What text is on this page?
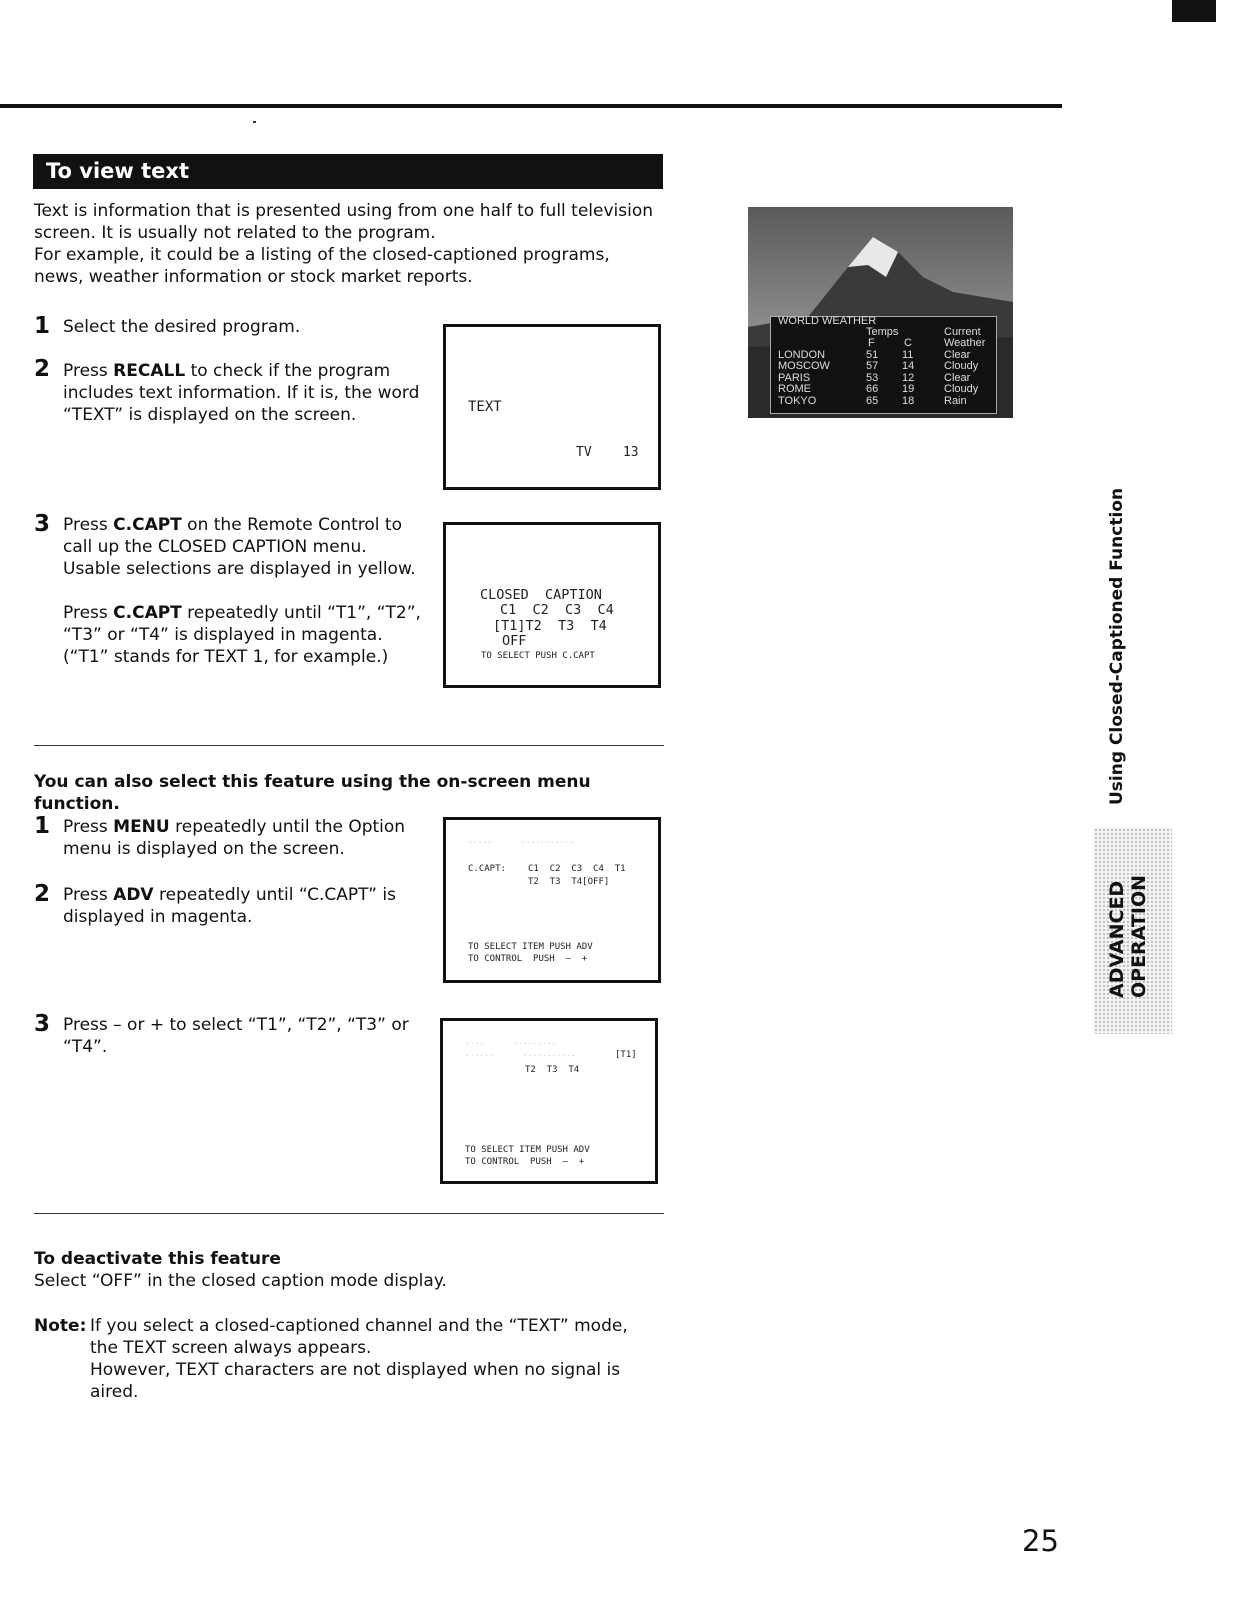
To view text
Text is information that is presented using from one half to full television
screen. It is usually not related to the program.
For example, it could be a listing of the closed-captioned programs,
news, weather information or stock market reports.
1 Select the desired program.
2 Press RECALL to check if the program
includes text information. If it is, the word
“TEXT” is displayed on the screen.	TEXT
TV    13
3 Press C.CAPT on the Remote Control to
call up the CLOSED CAPTION menu.
Usable selections are displayed in yellow.
Press C.CAPT repeatedly until “T1”, “T2”,
“T3” or “T4” is displayed in magenta.
(“T1” stands for TEXT 1, for example.)
CLOSED  CAPTION
C1  C2  C3  C4
[T1]T2  T3  T4
OFF
TO SELECT PUSH C.CAPT
You can also select this feature using the on-screen menu function.
1 Press MENU repeatedly until the Option
menu is displayed on the screen.
2 Press ADV repeatedly until “C.CAPT” is
displayed in magenta.
·····      ···········
C.CAPT: C1  C2  C3  C4  T1
T2  T3  T4[OFF]
TO SELECT ITEM PUSH ADV
TO CONTROL  PUSH  –  +
3 Press – or + to select “T1”, “T2”, “T3” or
“T4”.	····      ·········
······      ···········	[T1]
T2  T3  T4
TO SELECT ITEM PUSH ADV
TO CONTROL  PUSH  –  +
To deactivate this feature
Select “OFF” in the closed caption mode display.
Note: If you select a closed-captioned channel and the “TEXT” mode,
the TEXT screen always appears.
However, TEXT characters are not displayed when no signal is
aired.
WORLD WEATHER
Temps	Current
F	C	Weather
LONDON	51 11	Clear
MOSCOW	57 14	Cloudy
PARIS	53 12	Clear
ROME	66 19	Cloudy
TOKYO	65 18	Rain
Using Closed-Captioned Function
ADVANCED OPERATION
25
